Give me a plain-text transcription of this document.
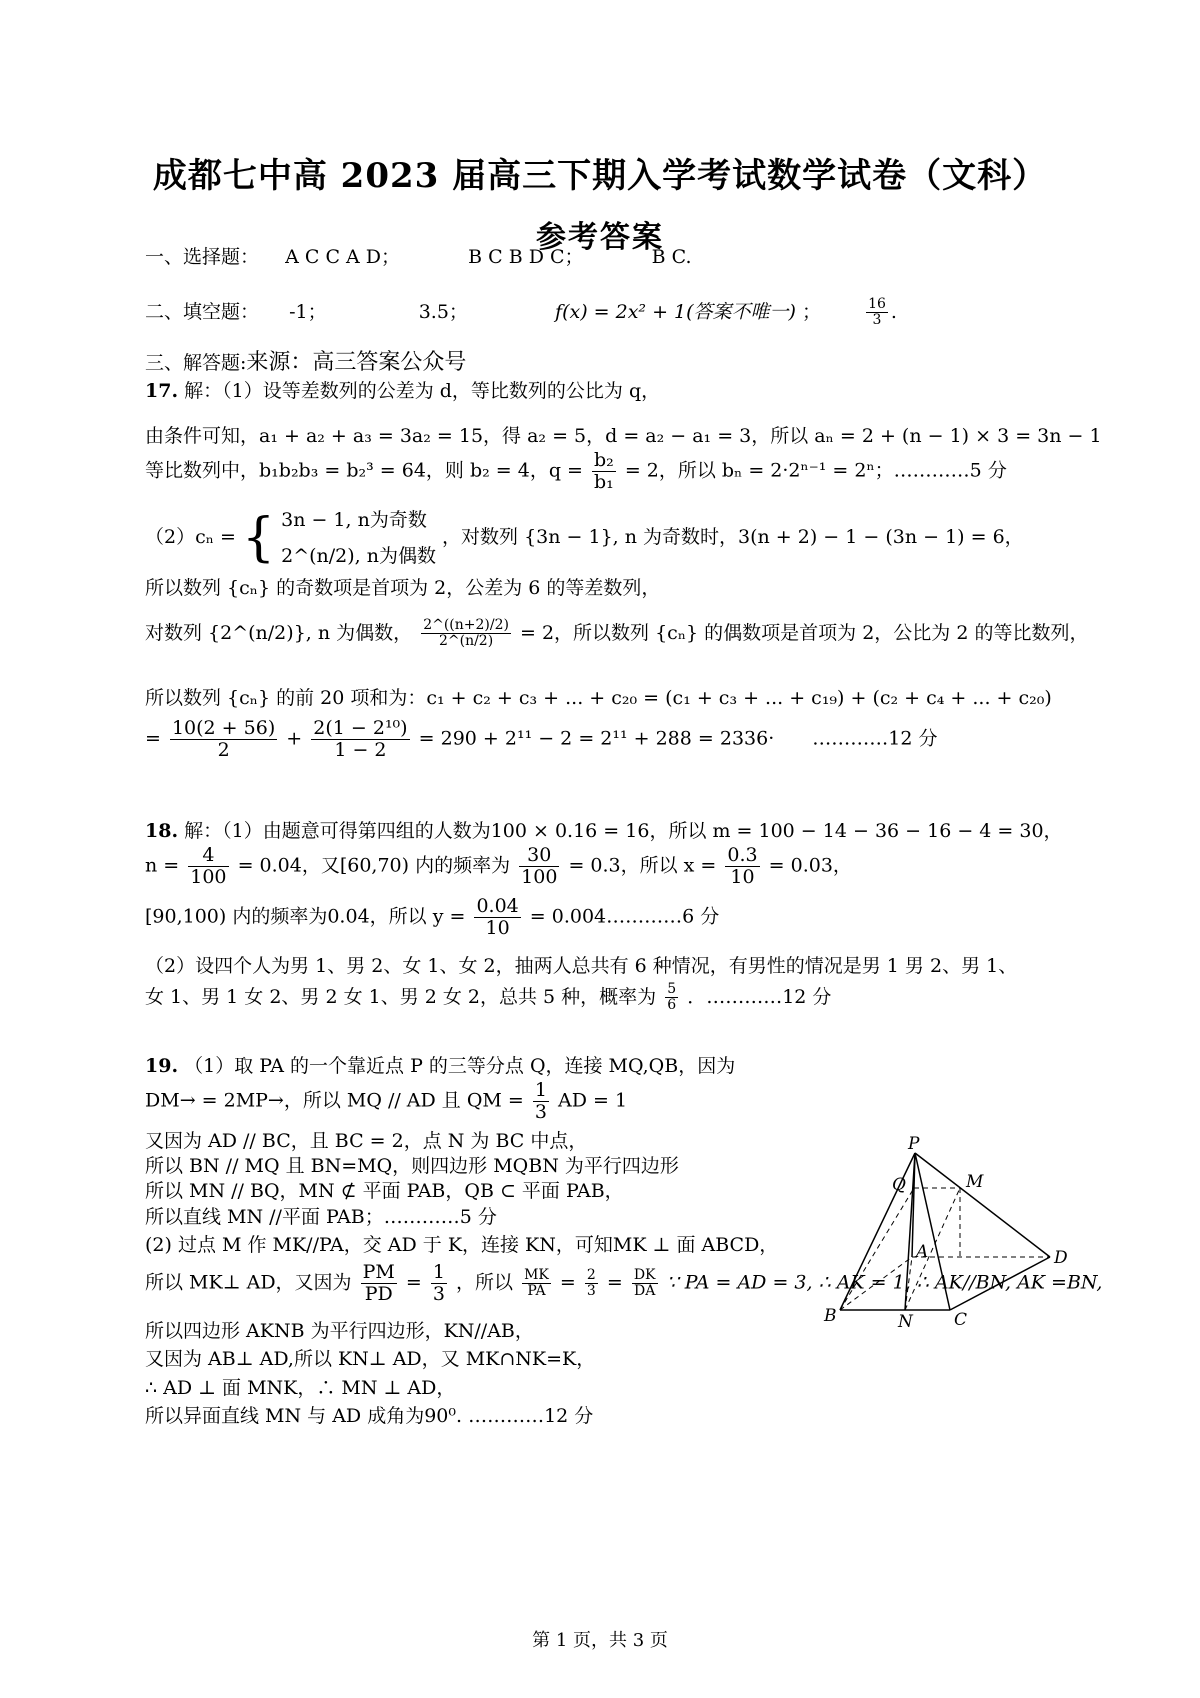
成都七中高 2023 届高三下期入学考试数学试卷（文科）
参考答案
一、选择题： A C C A D；	B C B D C；	B C.
二、填空题： -1；	3.5；	f(x) = 2x² + 1(答案不唯一) ；	$\frac{16}{3}$ .
三、解答题:来源：高三答案公众号
17. 解：（1）设等差数列的公差为 d，等比数列的公比为 q，
由条件可知，a₁ + a₂ + a₃ = 3a₂ = 15，得 a₂ = 5，d = a₂ − a₁ = 3，所以 aₙ = 2 + (n − 1) × 3 = 3n − 1
等比数列中，b₁b₂b₃ = b₂³ = 64，则 b₂ = 4，$q = \frac{\text{b₂}}{\text{b₁}} = 2$，所以 bₙ = 2·2ⁿ⁻¹ = 2ⁿ；…………5 分
（2）cₙ = { 3n − 1, n为奇数
2^(n/2), n为偶数
，对数列 {3n − 1}, n 为奇数时，3(n + 2) − 1 − (3n − 1) = 6，
所以数列 {cₙ} 的奇数项是首项为 2，公差为 6 的等差数列，
对数列 {2^(n/2)}, n 为偶数， $\frac{2\^{}((n+2)/2)}{2\^{}(n/2)} = 2$，所以数列 {cₙ} 的偶数项是首项为 2，公比为 2 的等比数列，
所以数列 {cₙ} 的前 20 项和为：c₁ + c₂ + c₃ + ... + c₂₀ = (c₁ + c₃ + ... + c₁₉) + (c₂ + c₄ + ... + c₂₀)
= $\frac{10(2 + 56)}{2} + \frac{\text{2(1 − 2¹⁰)}}{1 - 2} = 290 + 2^{11} - 2 = 2^{11} + 288 = 2336\cdot$　　…………12 分
18. 解：（1）由题意可得第四组的人数为100 × 0.16 = 16，所以 m = 100 − 14 − 36 − 16 − 4 = 30，
$n = \frac{4}{100} = 0.04$，又[60,70) 内的频率为 $\frac{30}{100} = 0.3$，所以 $x = \frac{0.3}{10} = 0.03$，
[90,100) 内的频率为0.04，所以 $y = \frac{0.04}{10}$ = 0.004…………6 分
（2）设四个人为男 1、男 2、女 1、女 2，抽两人总共有 6 种情况，有男性的情况是男 1 男 2、男 1、
女 1、男 1 女 2、男 2 女 1、男 2 女 2，总共 5 种，概率为 $\frac{5}{6}$ ．…………12 分
19. （1）取 PA 的一个靠近点 P 的三等分点 Q，连接 MQ,QB，因为
DM→ = 2MP→，所以 MQ // AD 且 QM = $\frac{1}{3}$ AD = 1
又因为 AD // BC，且 BC = 2，点 N 为 BC 中点，
所以 BN // MQ 且 BN=MQ，则四边形 MQBN 为平行四边形
所以 MN // BQ，MN ⊄ 平面 PAB，QB ⊂ 平面 PAB，
所以直线 MN //平面 PAB；…………5 分
(2) 过点 M 作 MK//PA，交 AD 于 K，连接 KN，可知MK ⊥ 面 ABCD，
所以 MK⊥ AD，又因为 $\frac{PM}{PD} = \frac{1}{3}$ ，所以 $\frac{MK}{PA} = \frac{2}{3} = \frac{DK}{DA}$ ∵ PA = AD = 3, ∴ AK = 1, ∴ AK//BN, AK =BN,
所以四边形 AKNB 为平行四边形，KN//AB，
又因为 AB⊥ AD,所以 KN⊥ AD，又 MK∩NK=K，
∴ AD ⊥ 面 MNK，∴ MN ⊥ AD，
所以异面直线 MN 与 AD 成角为90⁰. …………12 分
P
Q	M
A	D
B	N C
第 1 页，共 3 页
